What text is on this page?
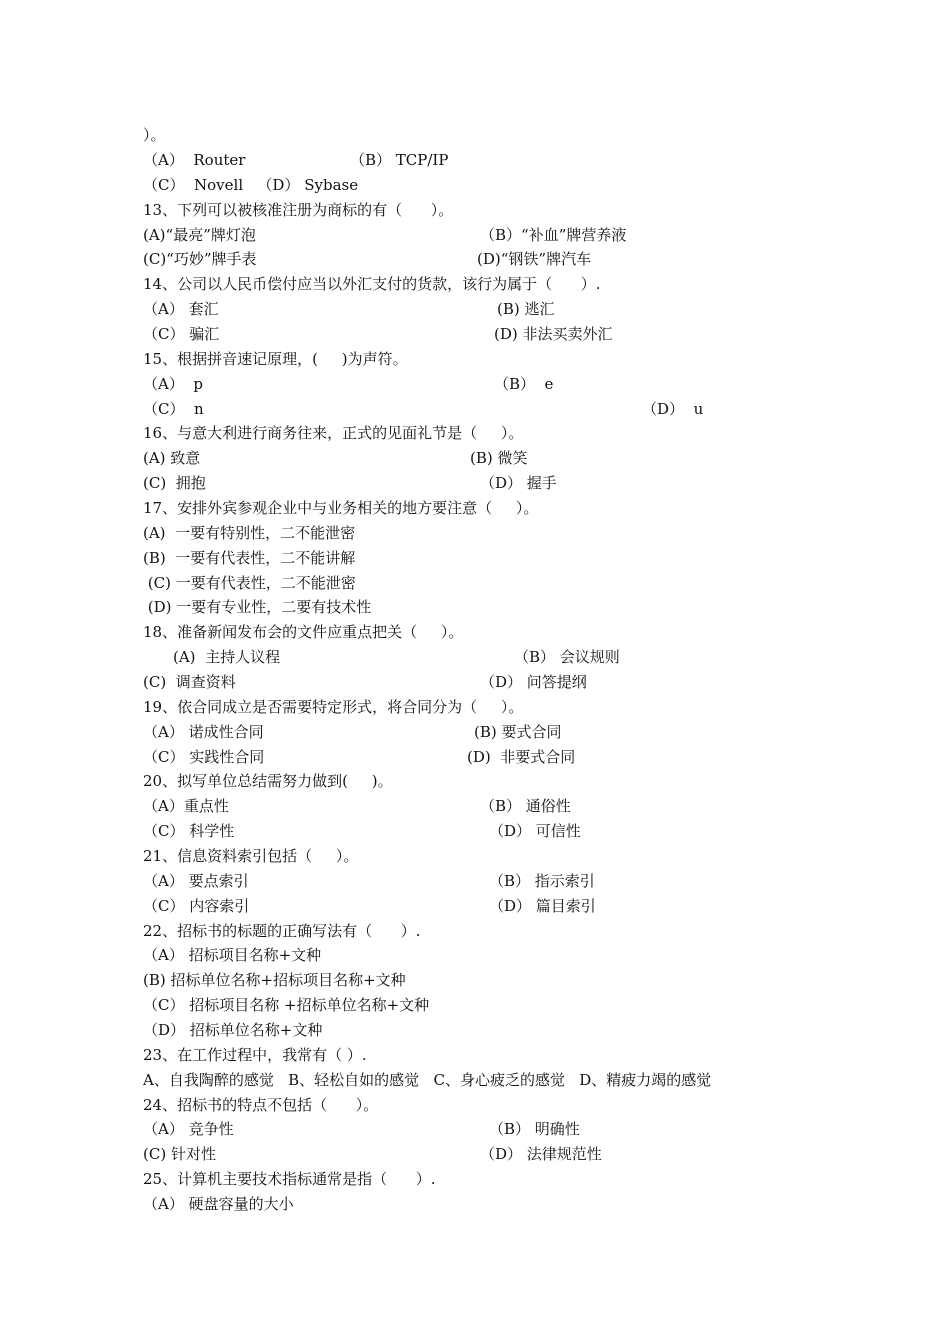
）。
（A）  Router	（B） TCP/IP
（C）  Novell   （D） Sybase
13、下列可以被核准注册为商标的有（      ）。
(A)“最亮”牌灯泡	（B）“补血”牌营养液
(C)“巧妙”牌手表	(D)“钢铁”牌汽车
14、公司以人民币偿付应当以外汇支付的货款，该行为属于（      ）.
（A） 套汇	(B) 逃汇
（C） 骗汇	(D) 非法买卖外汇
15、根据拼音速记原理，(     )为声符。
（A）  p	（B）  e
（C）  n	（D）  u
16、与意大利进行商务往来，正式的见面礼节是（     ）。
(A) 致意	(B) 微笑
(C)  拥抱	（D） 握手
17、安排外宾参观企业中与业务相关的地方要注意（     ）。
(A)  一要有特别性，二不能泄密
(B)  一要有代表性，二不能讲解
(C) 一要有代表性，二不能泄密
(D) 一要有专业性，二要有技术性
18、准备新闻发布会的文件应重点把关（     ）。
(A)  主持人议程	（B） 会议规则
(C)  调查资料	（D） 问答提纲
19、依合同成立是否需要特定形式，将合同分为（     ）。
（A） 诺成性合同	(B) 要式合同
（C） 实践性合同	(D)  非要式合同
20、拟写单位总结需努力做到(     )。
（A）重点性	（B） 通俗性
（C） 科学性	（D） 可信性
21、信息资料索引包括（     ）。
（A） 要点索引	（B） 指示索引
（C） 内容索引	（D） 篇目索引
22、招标书的标题的正确写法有（      ）.
（A） 招标项目名称+文种
(B) 招标单位名称+招标项目名称+文种
（C） 招标项目名称 +招标单位名称+文种
（D） 招标单位名称+文种
23、在工作过程中，我常有（ ）.
A、自我陶醉的感觉   B、轻松自如的感觉   C、身心疲乏的感觉   D、精疲力竭的感觉
24、招标书的特点不包括（      ）。
（A） 竞争性	（B） 明确性
(C) 针对性	（D） 法律规范性
25、计算机主要技术指标通常是指（      ）.
（A） 硬盘容量的大小
